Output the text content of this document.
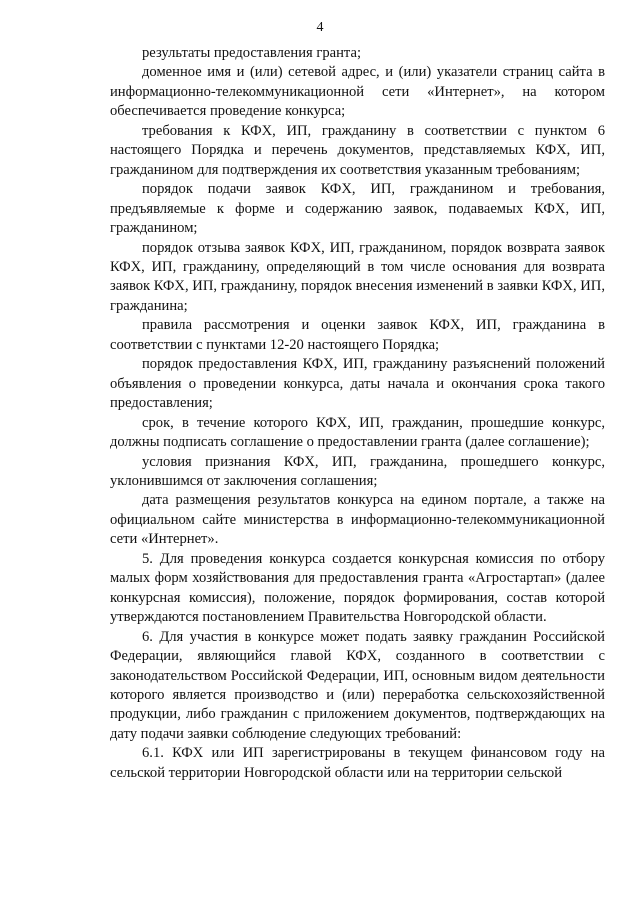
4

результаты предоставления гранта;

доменное имя и (или) сетевой адрес, и (или) указатели страниц сайта в информационно-телекоммуникационной сети «Интернет», на котором обеспечивается проведение конкурса;

требования к КФХ, ИП, гражданину в соответствии с пунктом 6 настоящего Порядка и перечень документов, представляемых КФХ, ИП, гражданином для подтверждения их соответствия указанным требованиям;

порядок подачи заявок КФХ, ИП, гражданином и требования, предъявляемые к форме и содержанию заявок, подаваемых КФХ, ИП, гражданином;

порядок отзыва заявок КФХ, ИП, гражданином, порядок возврата заявок КФХ, ИП, гражданину, определяющий в том числе основания для возврата заявок КФХ, ИП, гражданину, порядок внесения изменений в заявки КФХ, ИП, гражданина;

правила рассмотрения и оценки заявок КФХ, ИП, гражданина в соответствии с пунктами 12-20 настоящего Порядка;

порядок предоставления КФХ, ИП, гражданину разъяснений положений объявления о проведении конкурса, даты начала и окончания срока такого предоставления;

срок, в течение которого КФХ, ИП, гражданин, прошедшие конкурс, должны подписать соглашение о предоставлении гранта (далее соглашение);

условия признания КФХ, ИП, гражданина, прошедшего конкурс, уклонившимся от заключения соглашения;

дата размещения результатов конкурса на едином портале, а также на официальном сайте министерства в информационно-телекоммуникационной сети «Интернет».

5. Для проведения конкурса создается конкурсная комиссия по отбору малых форм хозяйствования для предоставления гранта «Агростартап» (далее конкурсная комиссия), положение, порядок формирования, состав которой утверждаются постановлением Правительства Новгородской области.

6. Для участия в конкурсе может подать заявку гражданин Российской Федерации, являющийся главой КФХ, созданного в соответствии с законодательством Российской Федерации, ИП, основным видом деятельности которого является производство и (или) переработка сельскохозяйственной продукции, либо гражданин с приложением документов, подтверждающих на дату подачи заявки соблюдение следующих требований:

6.1. КФХ или ИП зарегистрированы в текущем финансовом году на сельской территории Новгородской области или на территории сельской
